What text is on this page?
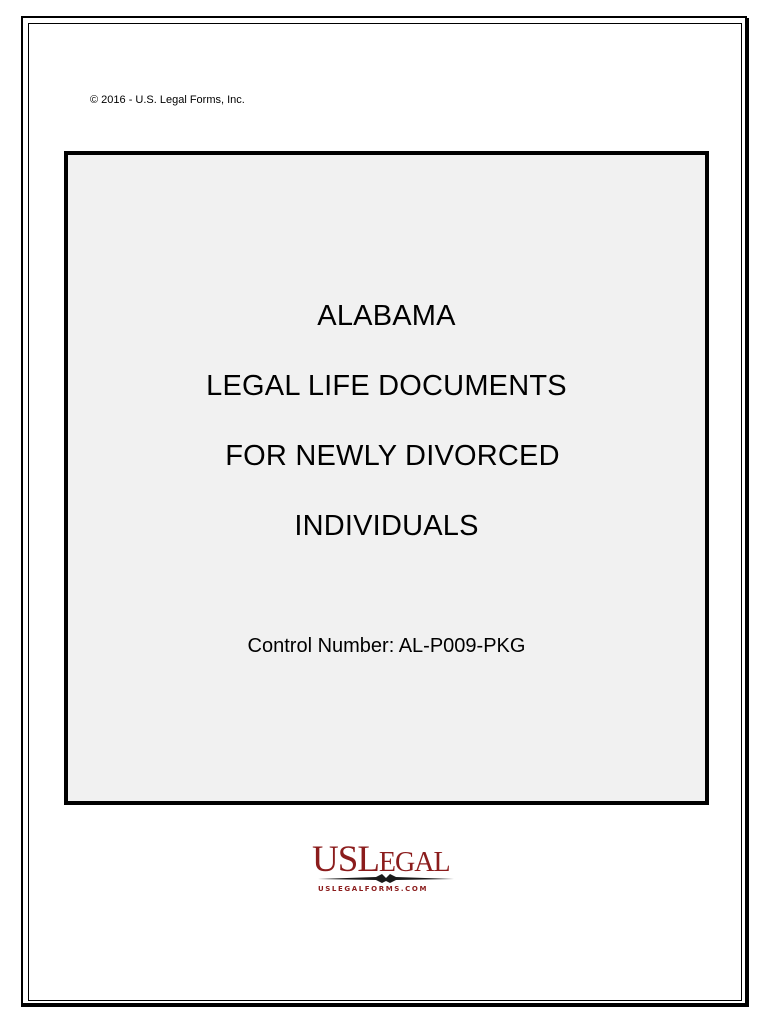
© 2016 - U.S. Legal Forms, Inc.
ALABAMA
LEGAL LIFE DOCUMENTS
FOR NEWLY DIVORCED
INDIVIDUALS
Control Number: AL-P009-PKG
USLEGAL
USLEGALFORMS.COM
